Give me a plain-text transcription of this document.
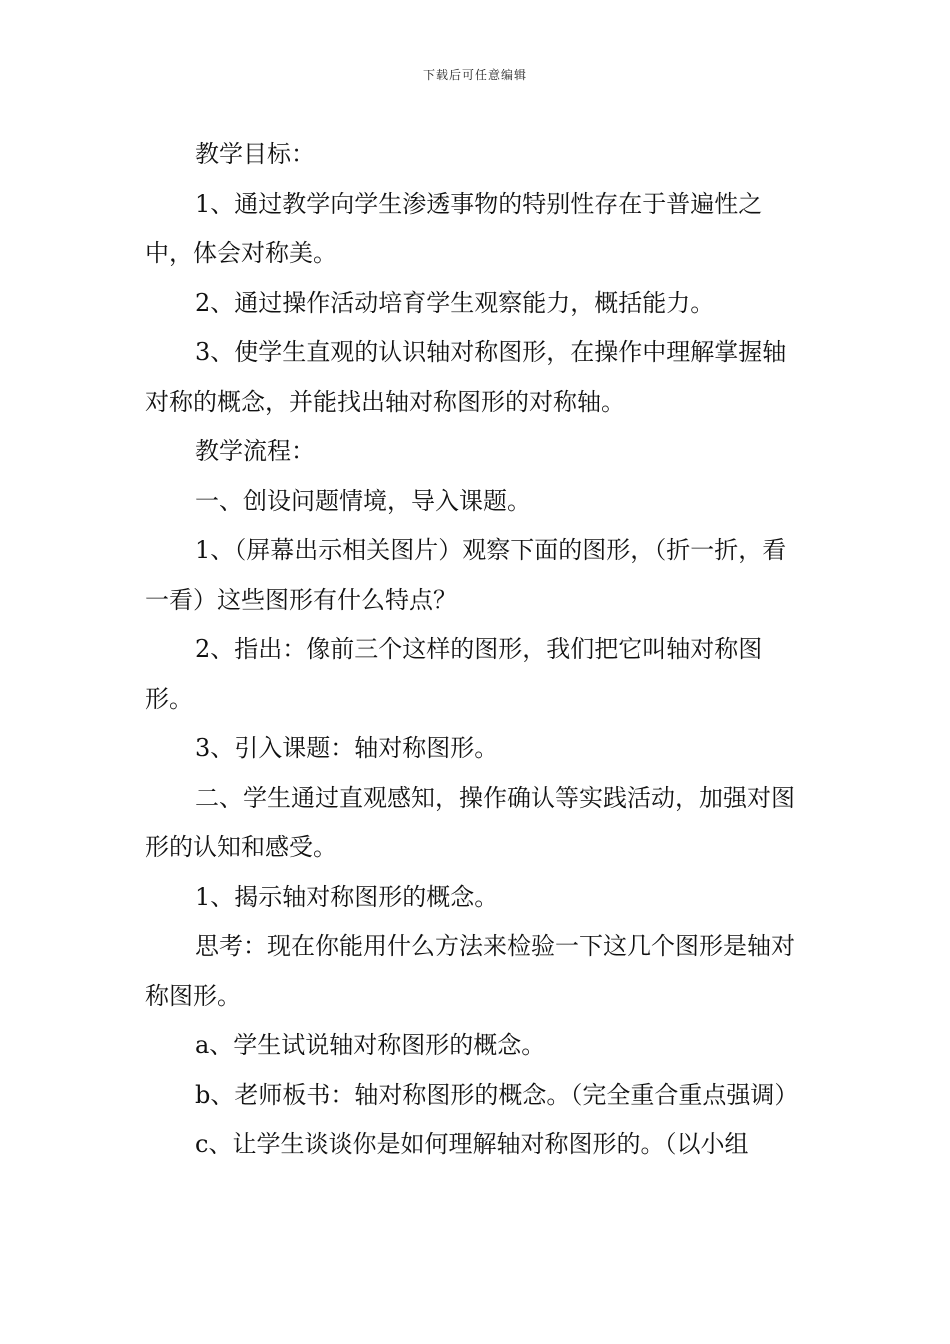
下载后可任意编辑

教学目标：

1、通过教学向学生渗透事物的特别性存在于普遍性之中，体会对称美。

2、通过操作活动培育学生观察能力，概括能力。

3、使学生直观的认识轴对称图形，在操作中理解掌握轴对称的概念，并能找出轴对称图形的对称轴。

教学流程：

一、创设问题情境，导入课题。

1、（屏幕出示相关图片）观察下面的图形，（折一折，看一看）这些图形有什么特点？

2、指出：像前三个这样的图形，我们把它叫轴对称图形。

3、引入课题：轴对称图形。

二、学生通过直观感知，操作确认等实践活动，加强对图形的认知和感受。

1、揭示轴对称图形的概念。

思考：现在你能用什么方法来检验一下这几个图形是轴对称图形。

a、学生试说轴对称图形的概念。

b、老师板书：轴对称图形的概念。（完全重合重点强调）

c、让学生谈谈你是如何理解轴对称图形的。（以小组
